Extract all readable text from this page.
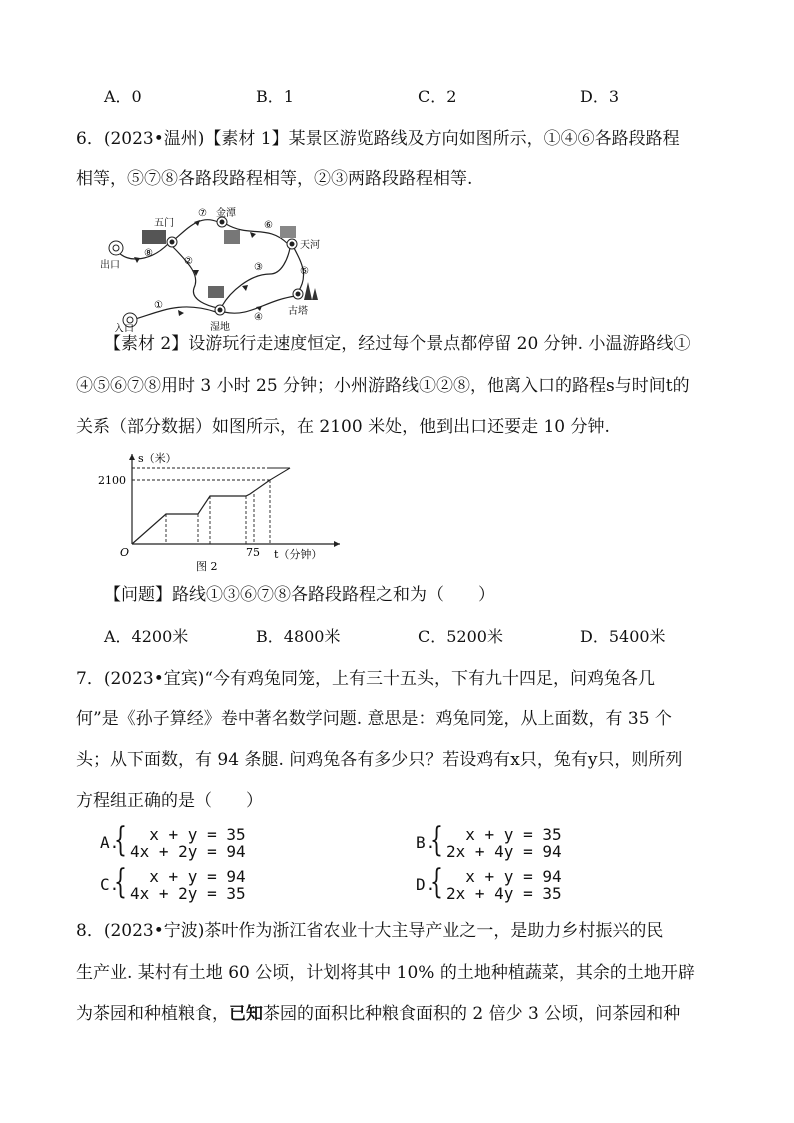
A．0	B．1	C．2	D．3
6．(2023•温州)【素材 1】某景区游览路线及方向如图所示，①④⑥各路段路程
相等，⑤⑦⑧各路段路程相等，②③两路段路程相等.
五门
金潭
天河
出口
入口	湿地
古塔
①
②
③
④
⑤
⑥
⑦
⑧
【素材 2】设游玩行走速度恒定，经过每个景点都停留 20 分钟. 小温游路线①
④⑤⑥⑦⑧用时 3 小时 25 分钟；小州游路线①②⑧，他离入口的路程s与时间t的
关系（部分数据）如图所示，在 2100 米处，他到出口还要走 10 分钟.
s（米）
2100
O	75 t（分钟）
图 2
【问题】路线①③⑥⑦⑧各路段路程之和为（　　）
A．4200米	B．4800米	C．5200米	D．5400米
7．(2023•宜宾)“今有鸡兔同笼，上有三十五头，下有九十四足，问鸡兔各几
何”是《孙子算经》卷中著名数学问题. 意思是：鸡兔同笼，从上面数，有 35 个
头；从下面数，有 94 条腿. 问鸡兔各有多少只？若设鸡有x只，兔有y只，则所列
方程组正确的是（　　）
A.
{ x + y = 35
4x + 2y = 94	B.
{ x + y = 35
2x + 4y = 94
C.
{ x + y = 94
4x + 2y = 35	D.
{ x + y = 94
2x + 4y = 35
8．(2023•宁波)茶叶作为浙江省农业十大主导产业之一，是助力乡村振兴的民
生产业. 某村有土地 60 公顷，计划将其中 10% 的土地种植蔬菜，其余的土地开辟
为茶园和种植粮食，已知茶园的面积比种粮食面积的 2 倍少 3 公顷，问茶园和种
